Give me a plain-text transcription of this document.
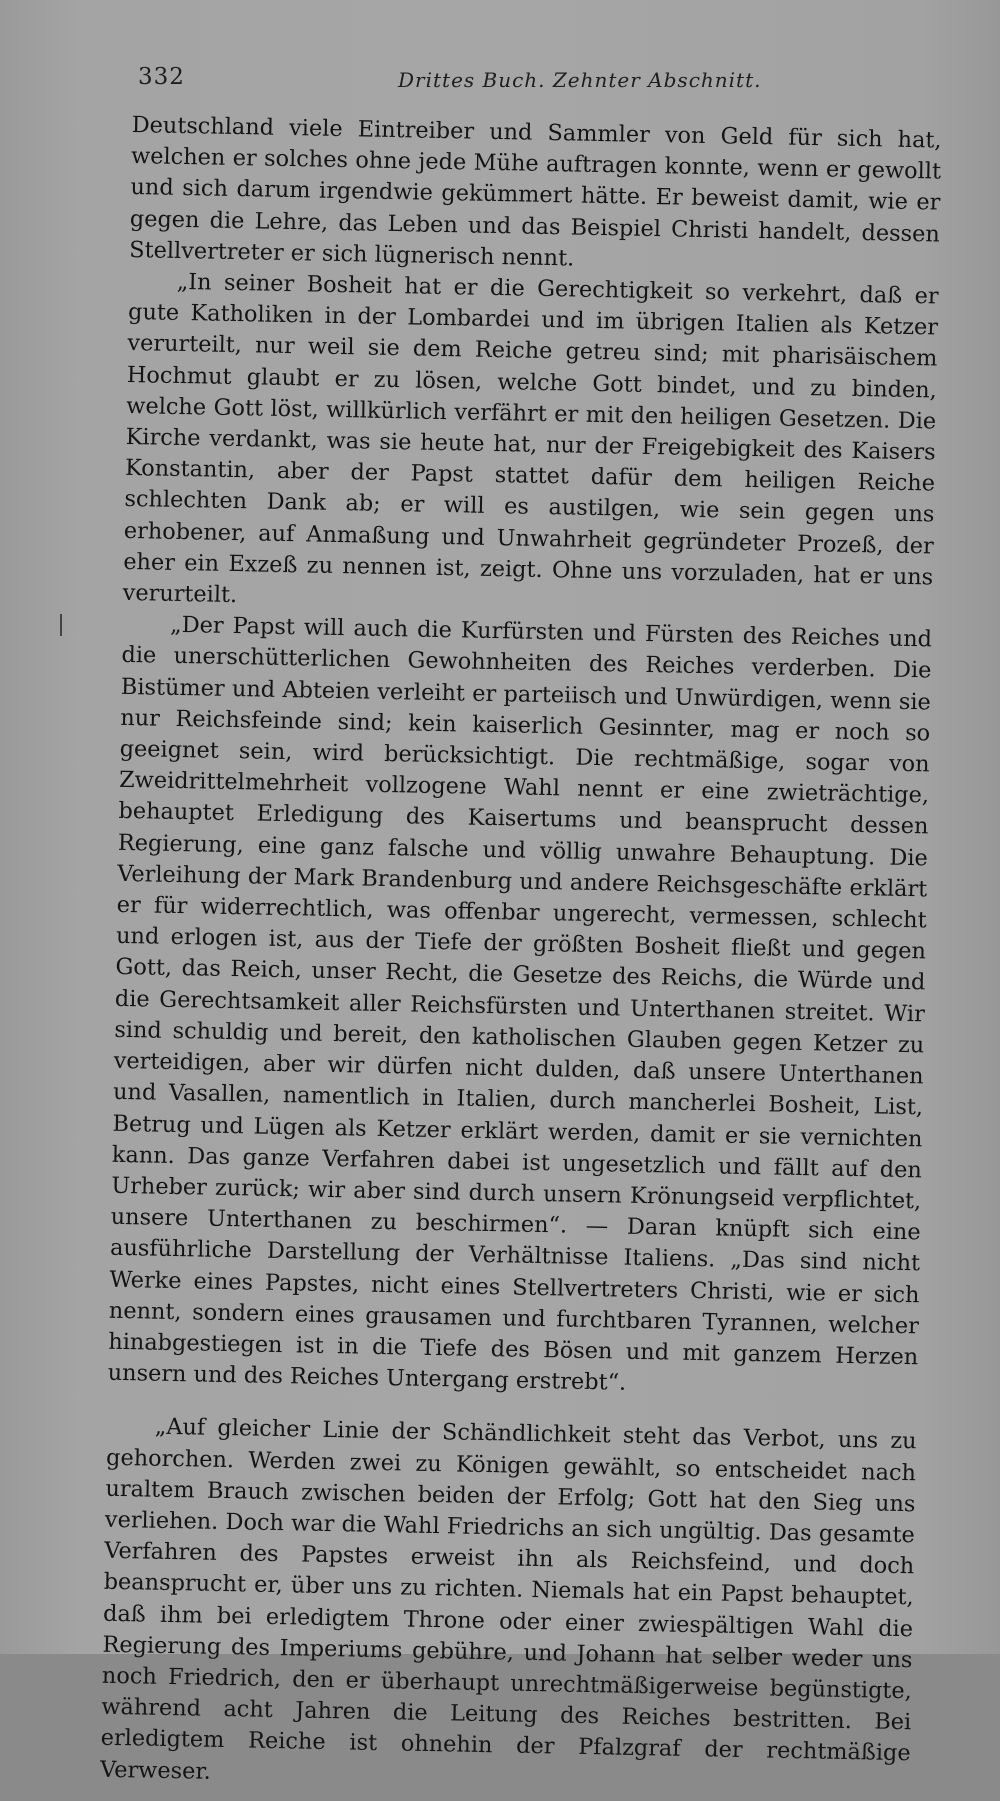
332	Drittes Buch. Zehnter Abschnitt.

Deutschland viele Eintreiber und Sammler von Geld für sich hat, welchen er solches ohne jede Mühe auftragen konnte, wenn er gewollt und sich darum irgendwie gekümmert hätte. Er beweist damit, wie er gegen die Lehre, das Leben und das Beispiel Christi handelt, dessen Stellvertreter er sich lügnerisch nennt.

„In seiner Bosheit hat er die Gerechtigkeit so verkehrt, daß er gute Katholiken in der Lombardei und im übrigen Italien als Ketzer verurteilt, nur weil sie dem Reiche getreu sind; mit pharisäischem Hochmut glaubt er zu lösen, welche Gott bindet, und zu binden, welche Gott löst, willkürlich verfährt er mit den heiligen Gesetzen. Die Kirche verdankt, was sie heute hat, nur der Freigebigkeit des Kaisers Konstantin, aber der Papst stattet dafür dem heiligen Reiche schlechten Dank ab; er will es austilgen, wie sein gegen uns erhobener, auf Anmaßung und Unwahrheit gegründeter Prozeß, der eher ein Exzeß zu nennen ist, zeigt. Ohne uns vorzuladen, hat er uns verurteilt.

„Der Papst will auch die Kurfürsten und Fürsten des Reiches und die unerschütterlichen Gewohnheiten des Reiches verderben. Die Bistümer und Abteien verleiht er parteiisch und Unwürdigen, wenn sie nur Reichsfeinde sind; kein kaiserlich Gesinnter, mag er noch so geeignet sein, wird berücksichtigt. Die rechtmäßige, sogar von Zweidrittelmehrheit vollzogene Wahl nennt er eine zwieträchtige, behauptet Erledigung des Kaisertums und beansprucht dessen Regierung, eine ganz falsche und völlig unwahre Behauptung. Die Verleihung der Mark Brandenburg und andere Reichsgeschäfte erklärt er für widerrechtlich, was offenbar ungerecht, vermessen, schlecht und erlogen ist, aus der Tiefe der größten Bosheit fließt und gegen Gott, das Reich, unser Recht, die Gesetze des Reichs, die Würde und die Gerechtsamkeit aller Reichsfürsten und Unterthanen streitet. Wir sind schuldig und bereit, den katholischen Glauben gegen Ketzer zu verteidigen, aber wir dürfen nicht dulden, daß unsere Unterthanen und Vasallen, namentlich in Italien, durch mancherlei Bosheit, List, Betrug und Lügen als Ketzer erklärt werden, damit er sie vernichten kann. Das ganze Verfahren dabei ist ungesetzlich und fällt auf den Urheber zurück; wir aber sind durch unsern Krönungseid verpflichtet, unsere Unterthanen zu beschirmen“. — Daran knüpft sich eine ausführliche Darstellung der Verhältnisse Italiens. „Das sind nicht Werke eines Papstes, nicht eines Stellvertreters Christi, wie er sich nennt, sondern eines grausamen und furchtbaren Tyrannen, welcher hinabgestiegen ist in die Tiefe des Bösen und mit ganzem Herzen unsern und des Reiches Untergang erstrebt“.

„Auf gleicher Linie der Schändlichkeit steht das Verbot, uns zu gehorchen. Werden zwei zu Königen gewählt, so entscheidet nach uraltem Brauch zwischen beiden der Erfolg; Gott hat den Sieg uns verliehen. Doch war die Wahl Friedrichs an sich ungültig. Das gesamte Verfahren des Papstes erweist ihn als Reichsfeind, und doch beansprucht er, über uns zu richten. Niemals hat ein Papst behauptet, daß ihm bei erledigtem Throne oder einer zwiespältigen Wahl die Regierung des Imperiums gebühre, und Johann hat selber weder uns noch Friedrich, den er überhaupt unrechtmäßigerweise begünstigte, während acht Jahren die Leitung des Reiches bestritten. Bei erledigtem Reiche ist ohnehin der Pfalzgraf der rechtmäßige Verweser.
